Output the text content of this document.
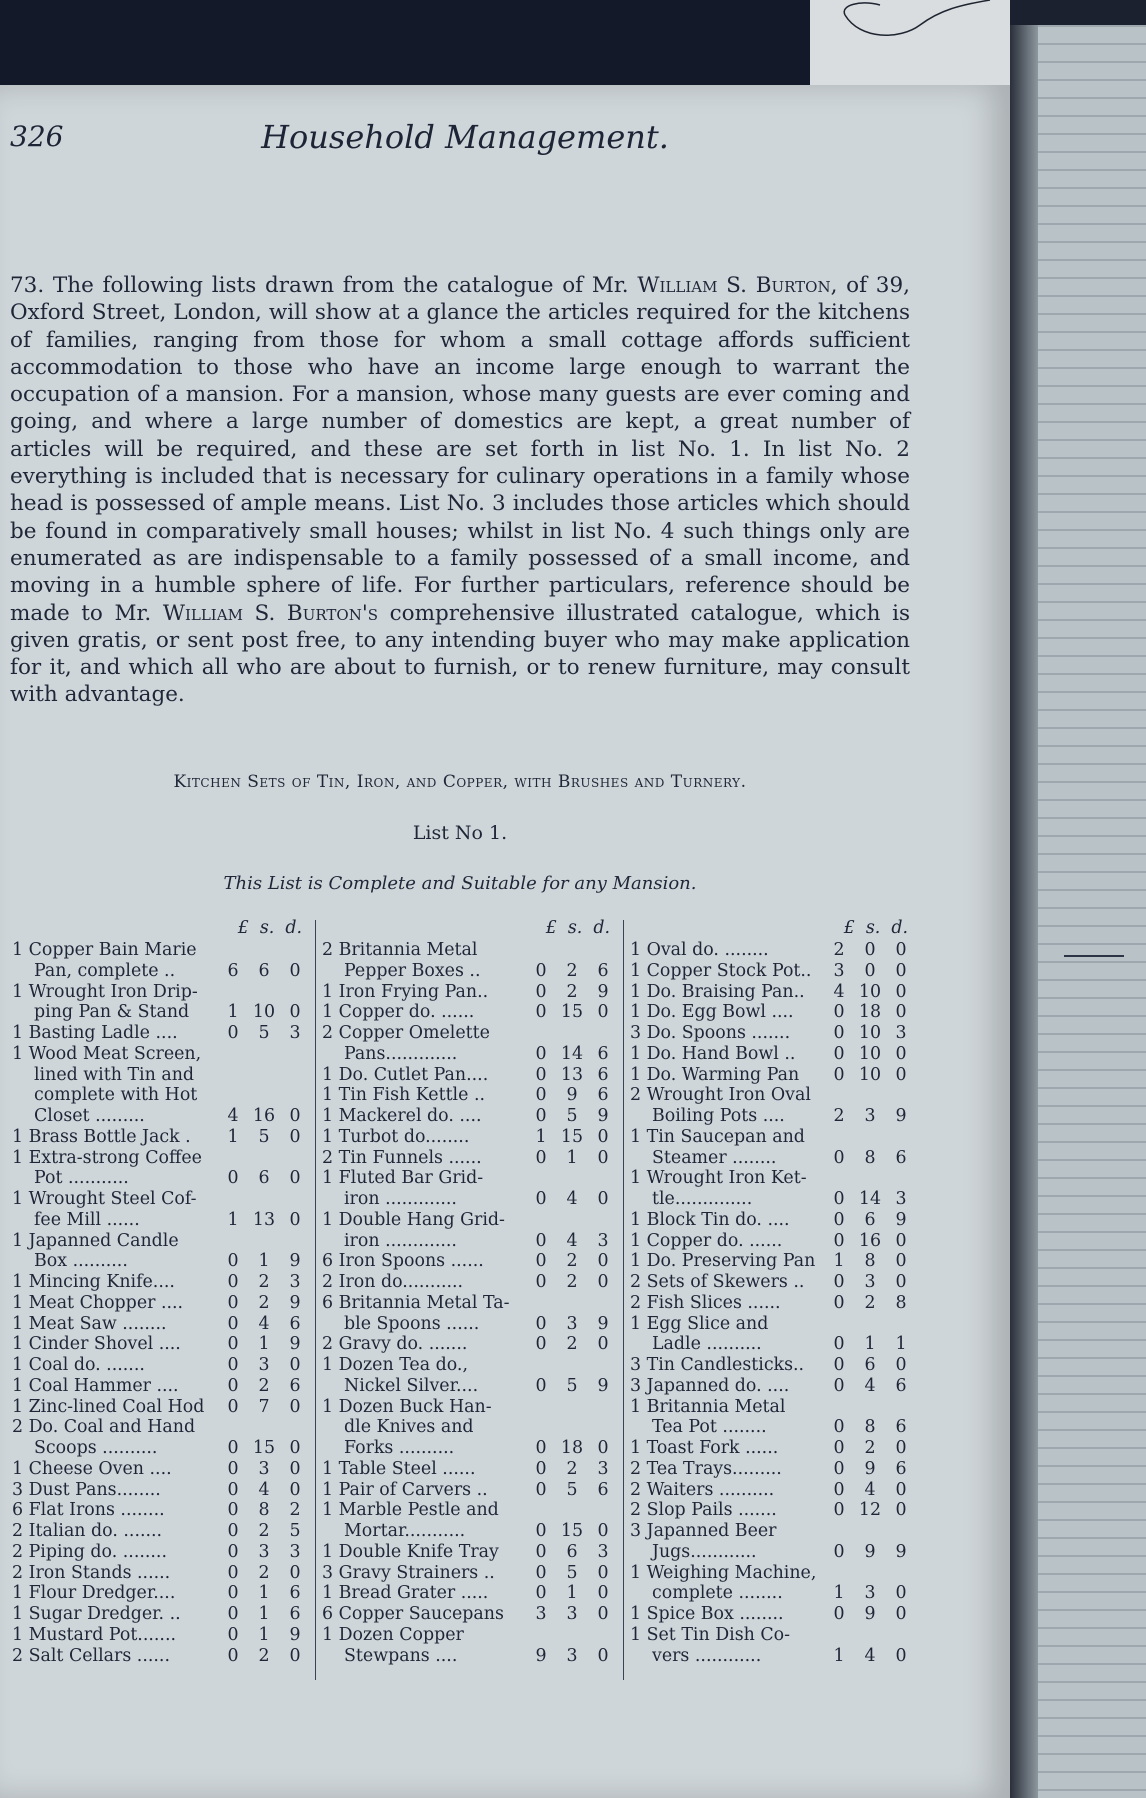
326	Household Management.
73. The following lists drawn from the catalogue of Mr. William S. Burton, of 39, Oxford Street, London, will show at a glance the articles required for the kitchens of families, ranging from those for whom a small cottage affords sufficient accommodation to those who have an income large enough to warrant the occupation of a mansion. For a mansion, whose many guests are ever coming and going, and where a large number of domestics are kept, a great number of articles will be required, and these are set forth in list No. 1. In list No. 2 everything is included that is necessary for culinary operations in a family whose head is possessed of ample means. List No. 3 includes those articles which should be found in comparatively small houses; whilst in list No. 4 such things only are enumerated as are indispensable to a family possessed of a small income, and moving in a humble sphere of life. For further particulars, reference should be made to Mr. William S. Burton's comprehensive illustrated catalogue, which is given gratis, or sent post free, to any intending buyer who may make application for it, and which all who are about to furnish, or to renew furniture, may consult with advantage.
Kitchen Sets of Tin, Iron, and Copper, with Brushes and Turnery.
List No 1.
This List is Complete and Suitable for any Mansion.
£  s.  d.
1 Copper Bain Marie
Pan, complete ..	6	6	0
1 Wrought Iron Drip-
ping Pan & Stand	1 10 0
1 Basting Ladle ....	0	5	3
1 Wood Meat Screen,
lined with Tin and
complete with Hot
Closet .........	4 16 0
1 Brass Bottle Jack .	1	5	0
1 Extra-strong Coffee
Pot ...........	0	6	0
1 Wrought Steel Cof-
fee Mill ......	1 13 0
1 Japanned Candle
Box ..........	0	1	9
1 Mincing Knife....	0	2	3
1 Meat Chopper ....	0	2	9
1 Meat Saw ........	0	4	6
1 Cinder Shovel ....	0	1	9
1 Coal do. .......	0	3	0
1 Coal Hammer ....	0	2	6
1 Zinc-lined Coal Hod	0	7	0
2 Do. Coal and Hand
Scoops ..........	0 15 0
1 Cheese Oven ....	0	3	0
3 Dust Pans........	0	4	0
6 Flat Irons ........	0	8	2
2 Italian do. .......	0	2	5
2 Piping do. ........	0	3	3
2 Iron Stands ......	0	2	0
1 Flour Dredger....	0	1	6
1 Sugar Dredger. ..	0	1	6
1 Mustard Pot.......	0	1	9
2 Salt Cellars ......	0	2	0
£  s.  d.
2 Britannia Metal
Pepper Boxes ..	0	2	6
1 Iron Frying Pan..	0	2	9
1 Copper do. ......	0 15 0
2 Copper Omelette
Pans.............	0 14 6
1 Do. Cutlet Pan....	0 13 6
1 Tin Fish Kettle ..	0	9	6
1 Mackerel do. ....	0	5	9
1 Turbot do........	1 15 0
2 Tin Funnels ......	0	1	0
1 Fluted Bar Grid-
iron .............	0	4	0
1 Double Hang Grid-
iron .............	0	4	3
6 Iron Spoons ......	0	2	0
2 Iron do...........	0	2	0
6 Britannia Metal Ta-
ble Spoons ......	0	3	9
2 Gravy do. .......	0	2	0
1 Dozen Tea do.,
Nickel Silver....	0	5	9
1 Dozen Buck Han-
dle Knives and
Forks ..........	0 18 0
1 Table Steel ......	0	2	3
1 Pair of Carvers ..	0	5	6
1 Marble Pestle and
Mortar...........	0 15 0
1 Double Knife Tray	0	6	3
3 Gravy Strainers ..	0	5	0
1 Bread Grater .....	0	1	0
6 Copper Saucepans	3	3	0
1 Dozen Copper
Stewpans ....	9	3	0
£  s.  d.
1 Oval do. ........	2	0	0
1 Copper Stock Pot..	3	0	0
1 Do. Braising Pan..	4 10 0
1 Do. Egg Bowl ....	0 18 0
3 Do. Spoons .......	0 10 3
1 Do. Hand Bowl ..	0 10 0
1 Do. Warming Pan	0 10 0
2 Wrought Iron Oval
Boiling Pots ....	2	3	9
1 Tin Saucepan and
Steamer ........	0	8	6
1 Wrought Iron Ket-
tle..............	0 14 3
1 Block Tin do. ....	0	6	9
1 Copper do. ......	0 16 0
1 Do. Preserving Pan	1	8	0
2 Sets of Skewers ..	0	3	0
2 Fish Slices ......	0	2	8
1 Egg Slice and
Ladle ..........	0	1	1
3 Tin Candlesticks..	0	6	0
3 Japanned do. ....	0	4	6
1 Britannia Metal
Tea Pot ........	0	8	6
1 Toast Fork ......	0	2	0
2 Tea Trays.........	0	9	6
2 Waiters ..........	0	4	0
2 Slop Pails .......	0 12 0
3 Japanned Beer
Jugs............	0	9	9
1 Weighing Machine,
complete ........	1	3	0
1 Spice Box ........	0	9	0
1 Set Tin Dish Co-
vers ............	1	4	0
